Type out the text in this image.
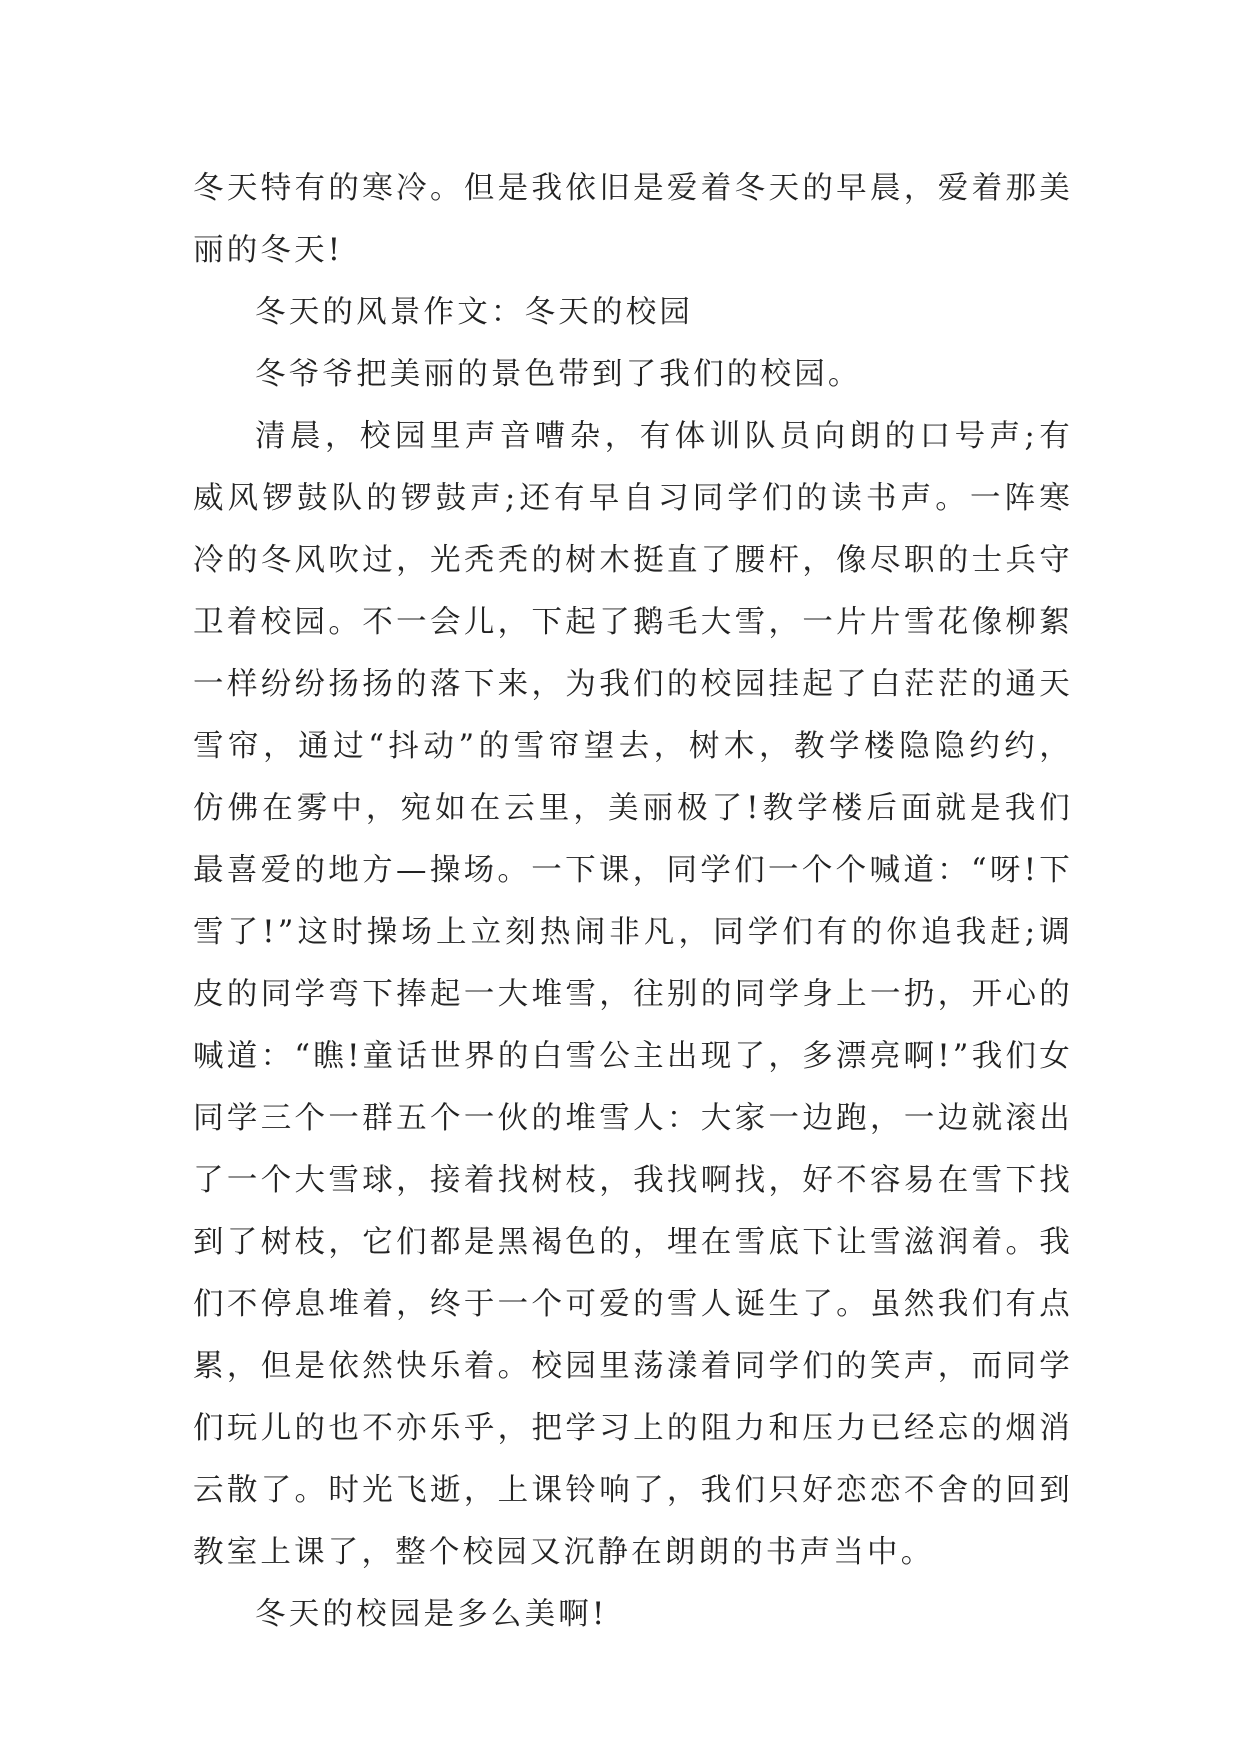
冬天特有的寒冷。但是我依旧是爱着冬天的早晨，爱着那美丽的冬天!

冬天的风景作文：冬天的校园

冬爷爷把美丽的景色带到了我们的校园。

清晨，校园里声音嘈杂，有体训队员向朗的口号声;有威风锣鼓队的锣鼓声;还有早自习同学们的读书声。一阵寒冷的冬风吹过，光秃秃的树木挺直了腰杆，像尽职的士兵守卫着校园。不一会儿，下起了鹅毛大雪，一片片雪花像柳絮一样纷纷扬扬的落下来，为我们的校园挂起了白茫茫的通天雪帘，通过“抖动”的雪帘望去，树木，教学楼隐隐约约，仿佛在雾中，宛如在云里，美丽极了!教学楼后面就是我们最喜爱的地方—操场。一下课，同学们一个个喊道：“呀!下雪了!”这时操场上立刻热闹非凡，同学们有的你追我赶;调皮的同学弯下捧起一大堆雪，往别的同学身上一扔，开心的喊道：“瞧!童话世界的白雪公主出现了，多漂亮啊!”我们女同学三个一群五个一伙的堆雪人：大家一边跑，一边就滚出了一个大雪球，接着找树枝，我找啊找，好不容易在雪下找到了树枝，它们都是黑褐色的，埋在雪底下让雪滋润着。我们不停息堆着，终于一个可爱的雪人诞生了。虽然我们有点累，但是依然快乐着。校园里荡漾着同学们的笑声，而同学们玩儿的也不亦乐乎，把学习上的阻力和压力已经忘的烟消云散了。时光飞逝，上课铃响了，我们只好恋恋不舍的回到教室上课了，整个校园又沉静在朗朗的书声当中。

冬天的校园是多么美啊!
